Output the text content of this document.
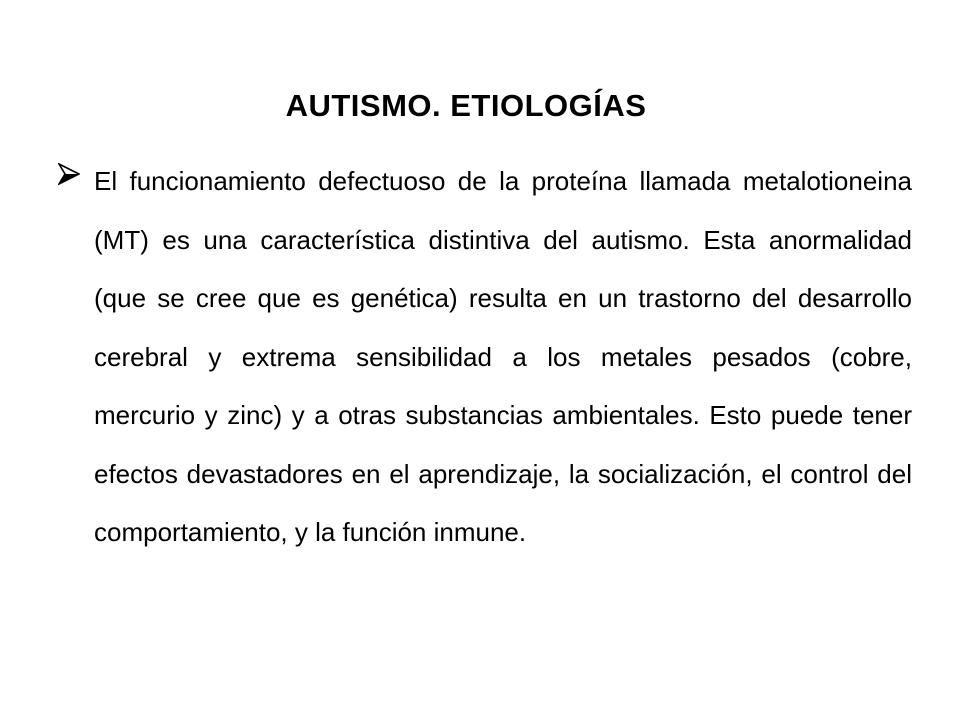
AUTISMO. ETIOLOGÍAS

El funcionamiento defectuoso de la proteína llamada metalotioneina (MT) es una característica distintiva del autismo. Esta anormalidad (que se cree que es genética) resulta en un trastorno del desarrollo cerebral y extrema sensibilidad a los metales pesados (cobre, mercurio y zinc) y a otras substancias ambientales. Esto puede tener efectos devastadores en el aprendizaje, la socialización, el control del comportamiento, y la función inmune.
